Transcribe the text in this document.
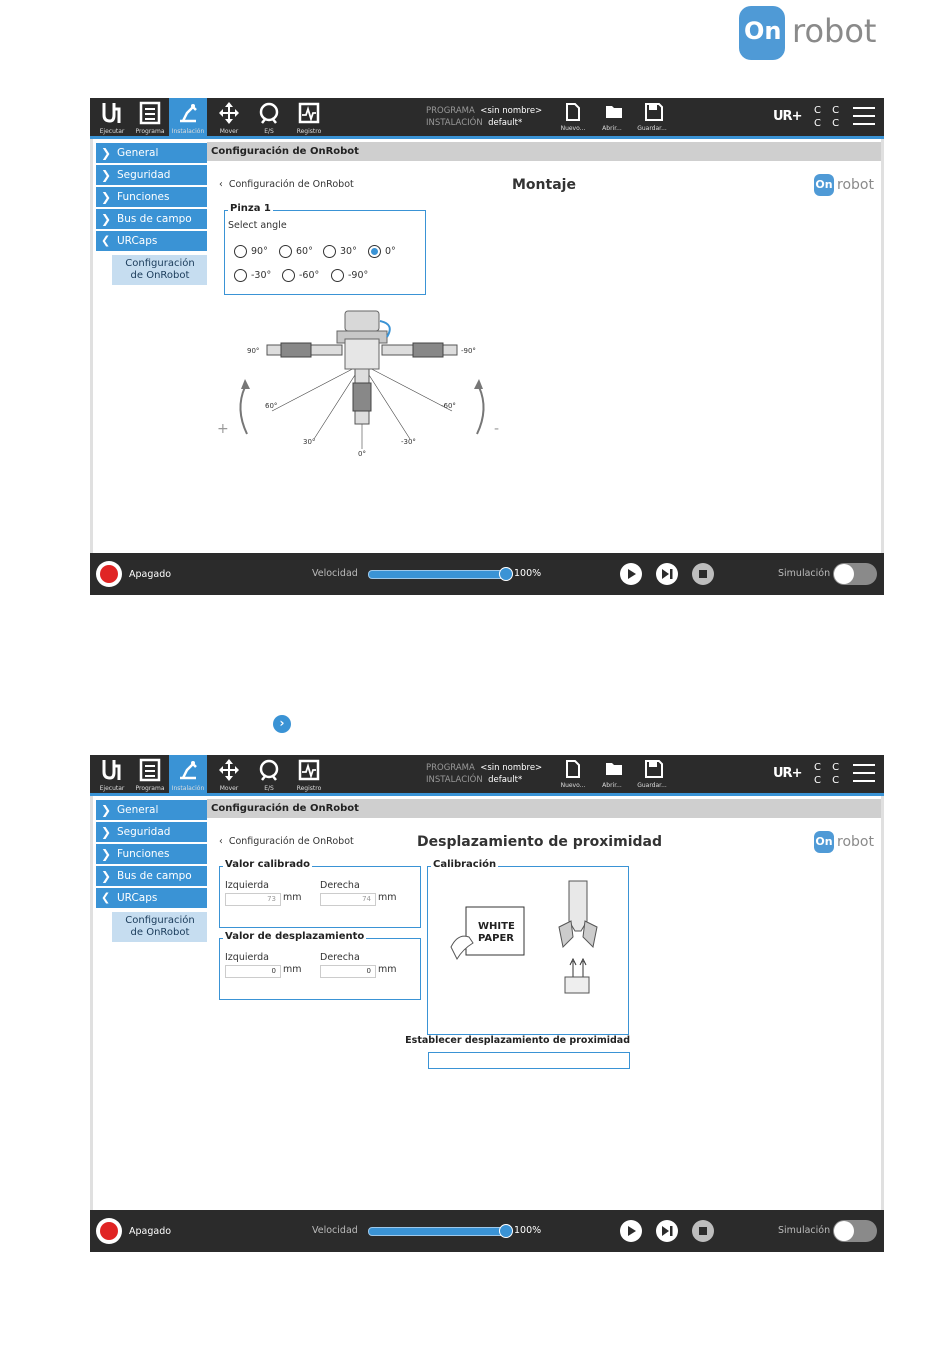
On robot
Ejecutar	Programa	Instalación	Mover	E/S	Registro
PROGRAMA <sin nombre>
INSTALACIÓN default*
Nuevo...	Abrir...	Guardar...
UR+ C C
C C
❯ General
❯ Seguridad
❯ Funciones
❯ Bus de campo
❮ URCaps
Configuración
de OnRobot
Configuración de OnRobot
‹  Configuración de OnRobot	Montaje	On robot
Pinza 1
Select angle
90°	60°	30°	0°
-30°	-60°	-90°
90°	-90°
60°	-60°
30°	-30°
0°
+	-
Apagado	Velocidad	100%	Simulación
›
Ejecutar	Programa	Instalación	Mover	E/S	Registro
PROGRAMA <sin nombre>
INSTALACIÓN default*
Nuevo...	Abrir...	Guardar...
UR+ C C
C C
❯ General
❯ Seguridad
❯ Funciones
❯ Bus de campo
❮ URCaps
Configuración
de OnRobot
Configuración de OnRobot
‹  Configuración de OnRobot	Desplazamiento de proximidad	On robot
Valor calibrado
Izquierda	Derecha
73 mm	74 mm
Valor de desplazamiento
Izquierda	Derecha
0 mm	0 mm
Calibración
WHITE
PAPER
Establecer desplazamiento de proximidad
Apagado	Velocidad	100%	Simulación
